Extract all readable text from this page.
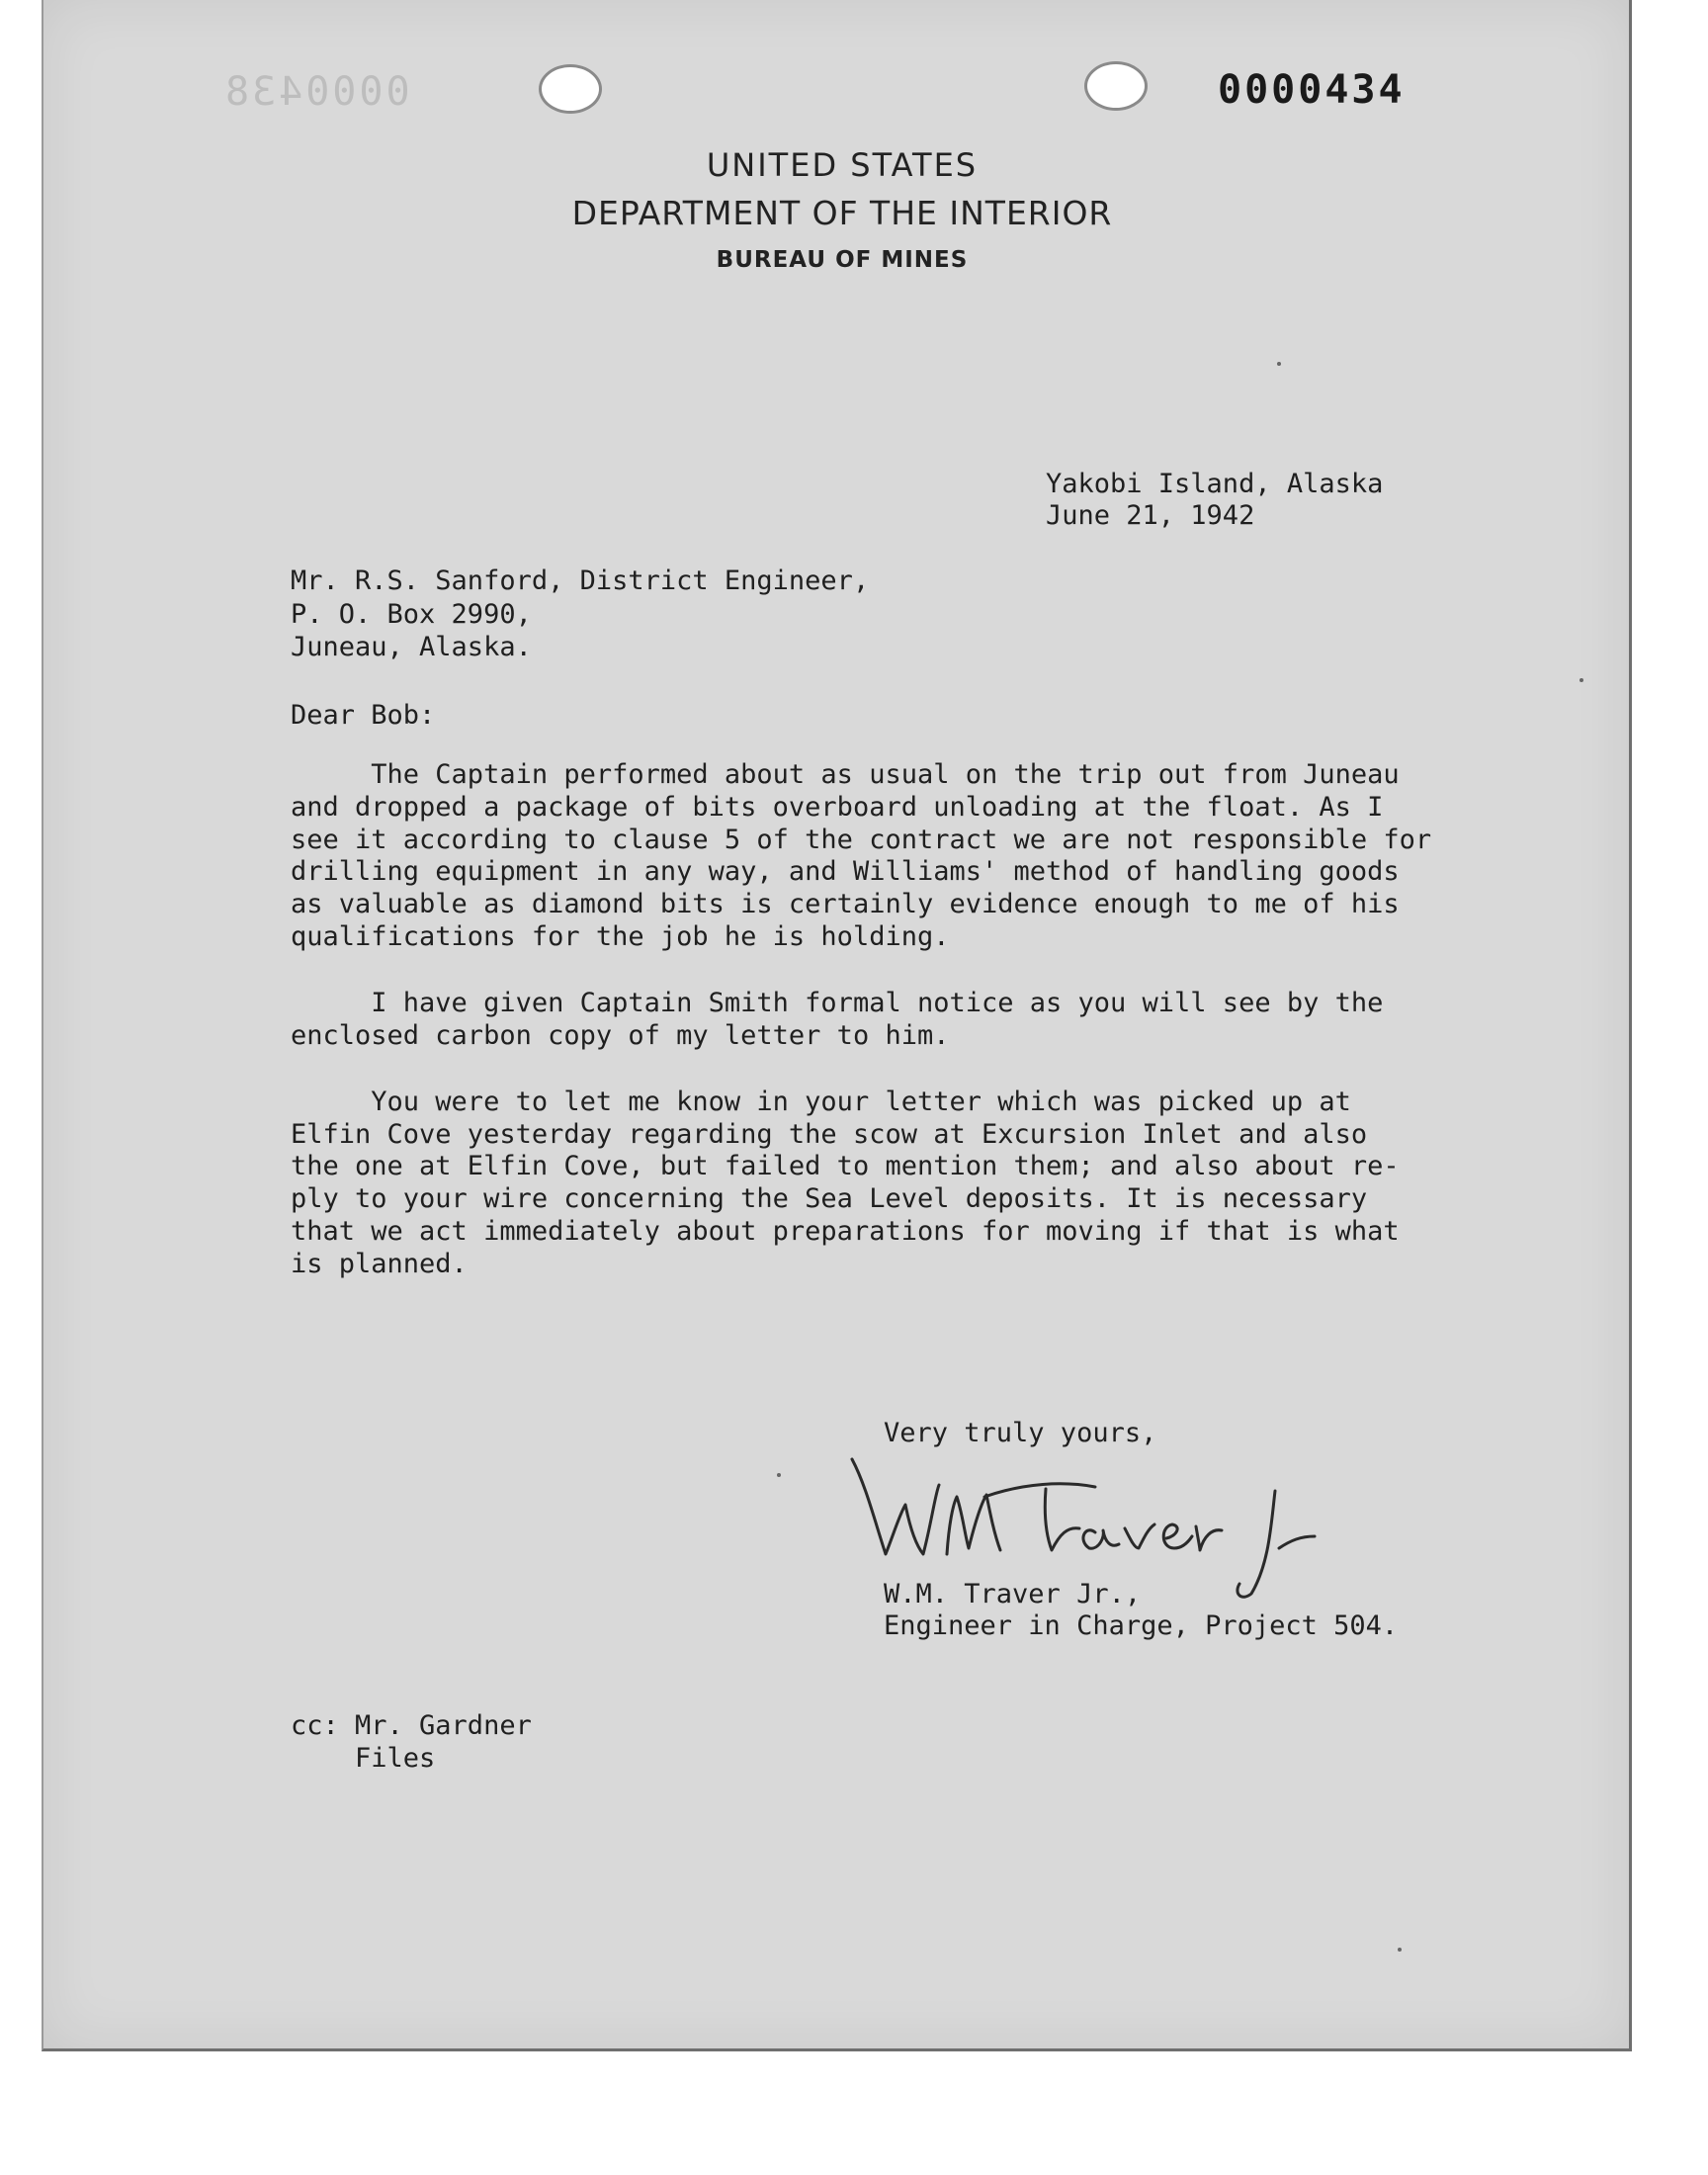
0000438	0000434
UNITED STATES
DEPARTMENT OF THE INTERIOR
BUREAU OF MINES
Yakobi Island, Alaska
June 21, 1942
Mr. R.S. Sanford, District Engineer,
P. O. Box 2990,
Juneau, Alaska.
Dear Bob:
The Captain performed about as usual on the trip out from Juneau
and dropped a package of bits overboard unloading at the float. As I
see it according to clause 5 of the contract we are not responsible for
drilling equipment in any way, and Williams' method of handling goods
as valuable as diamond bits is certainly evidence enough to me of his
qualifications for the job he is holding.
I have given Captain Smith formal notice as you will see by the
enclosed carbon copy of my letter to him.
You were to let me know in your letter which was picked up at
Elfin Cove yesterday regarding the scow at Excursion Inlet and also
the one at Elfin Cove, but failed to mention them; and also about re-
ply to your wire concerning the Sea Level deposits. It is necessary
that we act immediately about preparations for moving if that is what
is planned.
Very truly yours,
W.M. Traver Jr.,
Engineer in Charge, Project 504.
cc: Mr. Gardner
Files
